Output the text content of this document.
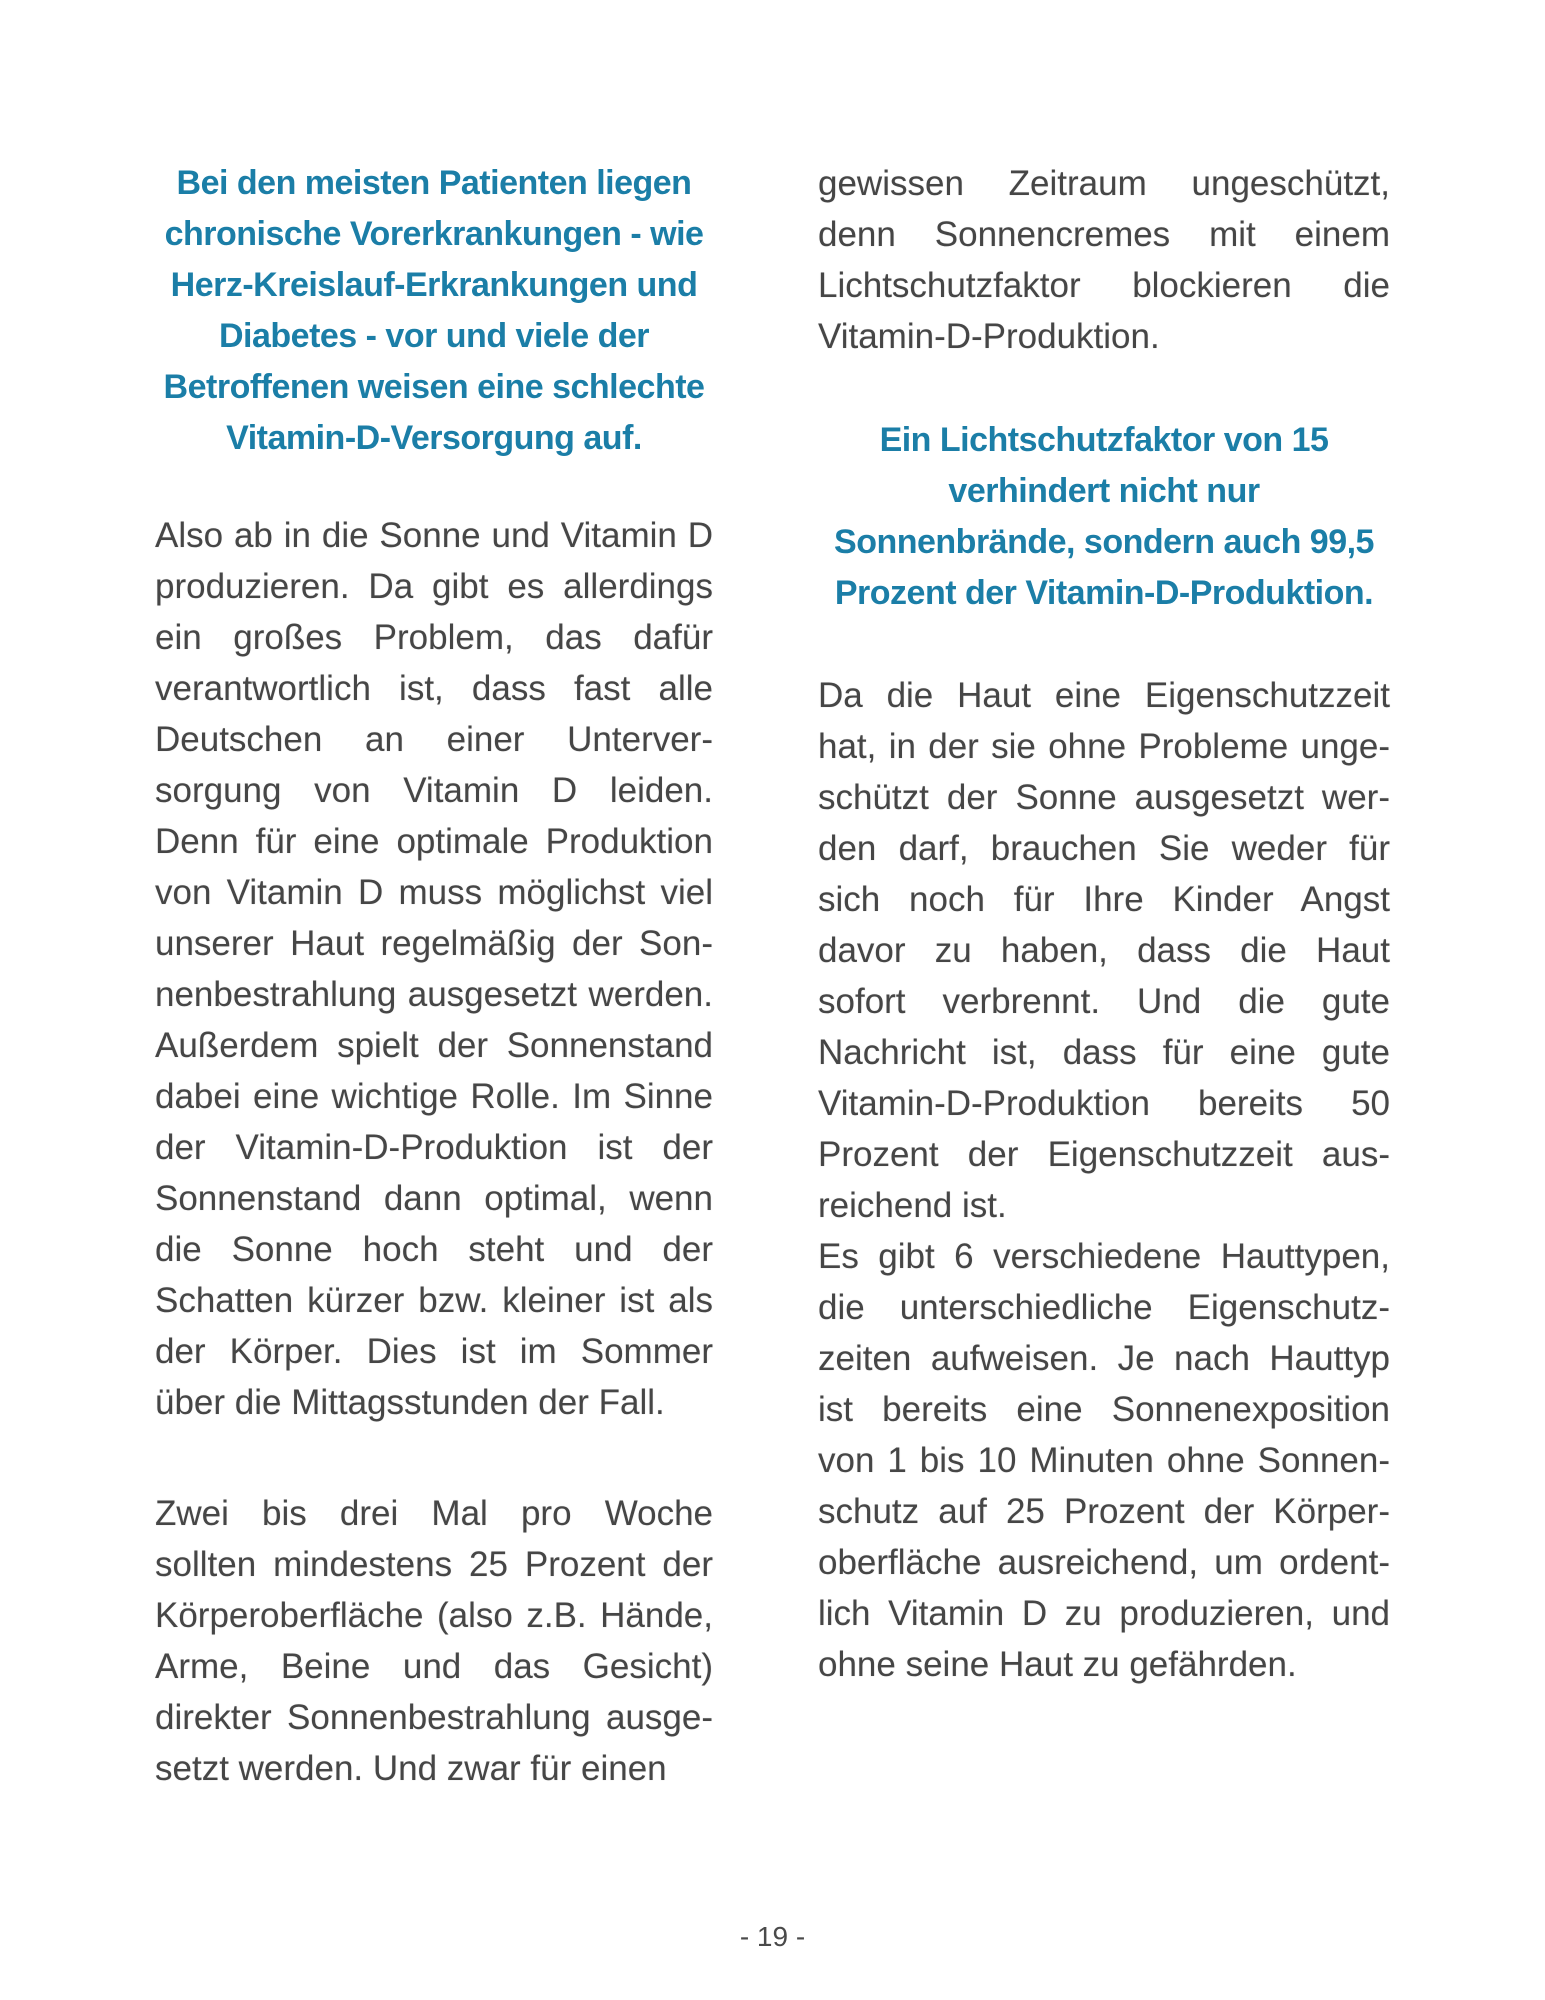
Bei den meisten Patienten liegen
chronische Vorerkrankungen - wie
Herz-Kreislauf-Erkrankungen und
Diabetes - vor und viele der
Betroffenen weisen eine schlechte
Vitamin-D-Versorgung auf.
Also ab in die Sonne und Vitamin D
produzieren. Da gibt es allerdings
ein großes Problem, das dafür
verantwortlich ist, dass fast alle
Deutschen an einer Unterver-
sorgung von Vitamin D leiden.
Denn für eine optimale Produktion
von Vitamin D muss möglichst viel
unserer Haut regelmäßig der Son-
nenbestrahlung ausgesetzt werden.
Außerdem spielt der Sonnenstand
dabei eine wichtige Rolle. Im Sinne
der Vitamin-D-Produktion ist der
Sonnenstand dann optimal, wenn
die Sonne hoch steht und der
Schatten kürzer bzw. kleiner ist als
der Körper. Dies ist im Sommer
über die Mittagsstunden der Fall.
Zwei bis drei Mal pro Woche
sollten mindestens 25 Prozent der
Körperoberfläche (also z.B. Hände,
Arme, Beine und das Gesicht)
direkter Sonnenbestrahlung ausge-
setzt werden. Und zwar für einen
gewissen Zeitraum ungeschützt,
denn Sonnencremes mit einem
Lichtschutzfaktor blockieren die
Vitamin-D-Produktion.
Ein Lichtschutzfaktor von 15
verhindert nicht nur
Sonnenbrände, sondern auch 99,5
Prozent der Vitamin-D-Produktion.
Da die Haut eine Eigenschutzzeit
hat, in der sie ohne Probleme unge-
schützt der Sonne ausgesetzt wer-
den darf, brauchen Sie weder für
sich noch für Ihre Kinder Angst
davor zu haben, dass die Haut
sofort verbrennt. Und die gute
Nachricht ist, dass für eine gute
Vitamin-D-Produktion bereits 50
Prozent der Eigenschutzzeit aus-
reichend ist.
Es gibt 6 verschiedene Hauttypen,
die unterschiedliche Eigenschutz-
zeiten aufweisen. Je nach Hauttyp
ist bereits eine Sonnenexposition
von 1 bis 10 Minuten ohne Sonnen-
schutz auf 25 Prozent der Körper-
oberfläche ausreichend, um ordent-
lich Vitamin D zu produzieren, und
ohne seine Haut zu gefährden.
- 19 -
